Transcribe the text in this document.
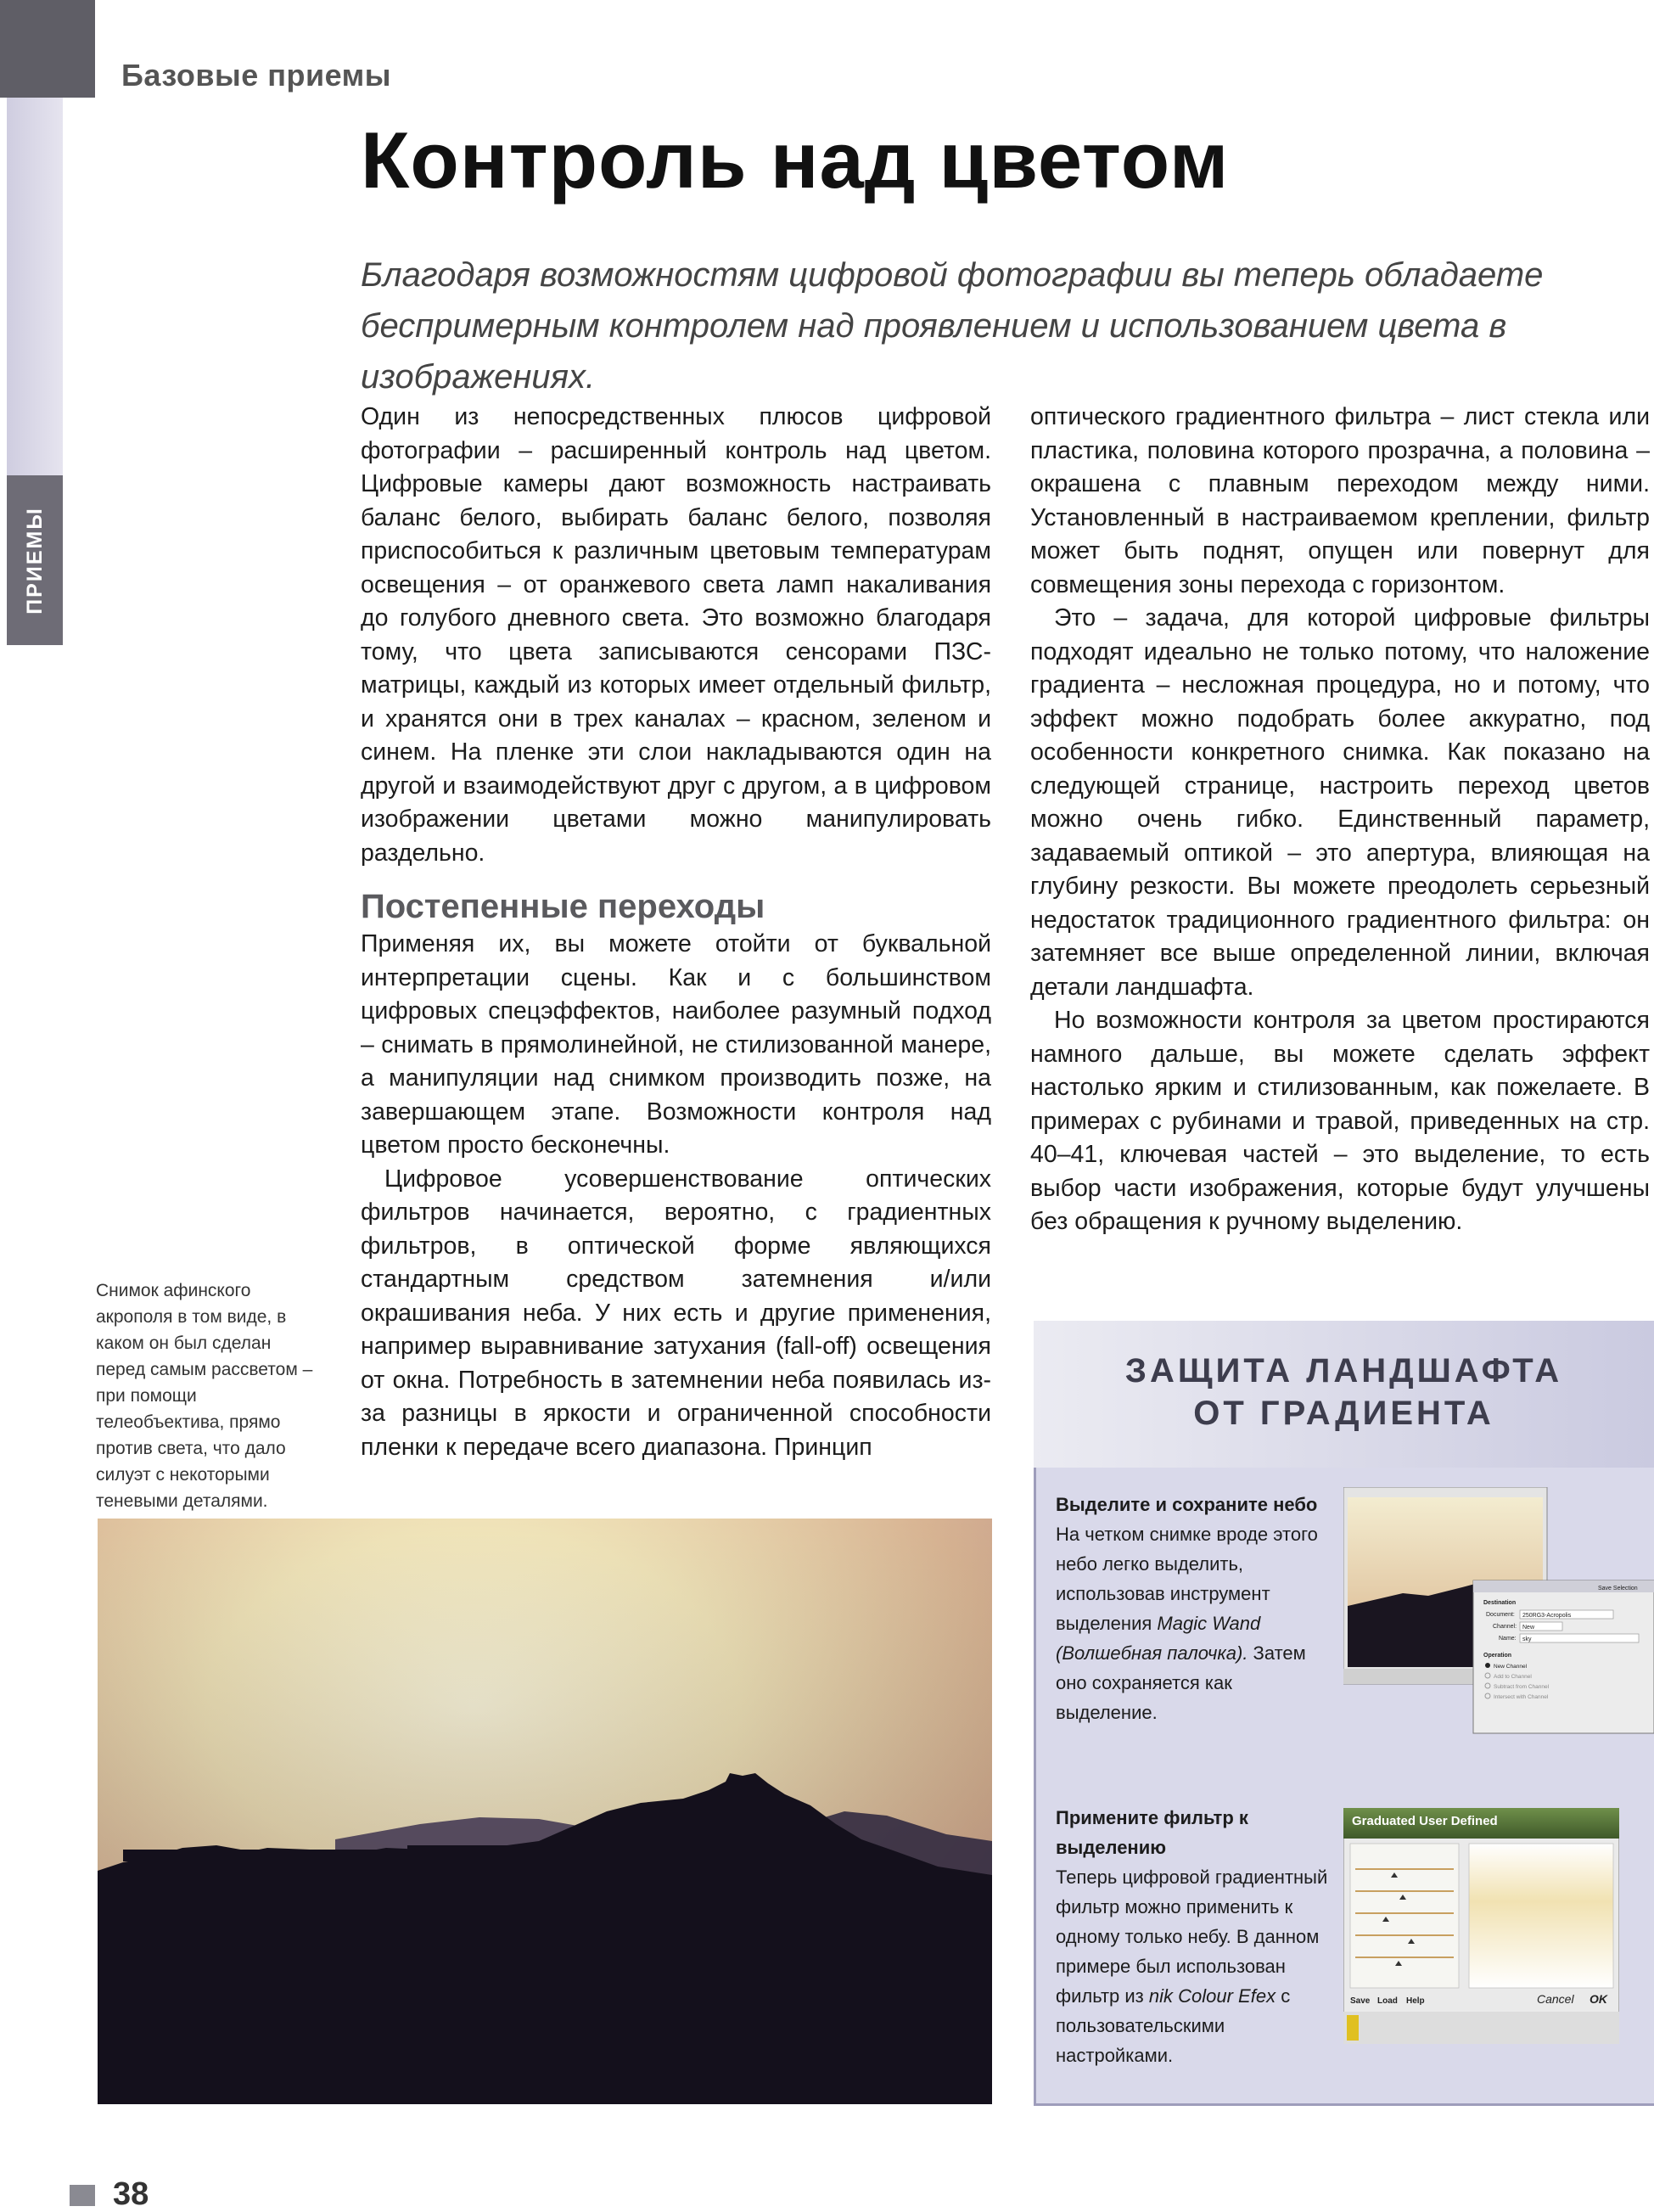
ПРИЕМЫ
Базовые приемы
Контроль над цветом
Благодаря возможностям цифровой фотографии вы теперь обладаете беспримерным контролем над проявлением и использованием цвета в изображениях.

Один из непосредственных плюсов цифровой фотографии – расширенный контроль над цветом. Цифровые камеры дают возможность настраивать баланс белого, выбирать баланс белого, позволяя приспособиться к различным цветовым температурам освещения – от оранжевого света ламп накаливания до голубого дневного света. Это возможно благодаря тому, что цвета записываются сенсорами ПЗС-матрицы, каждый из которых имеет отдельный фильтр, и хранятся они в трех каналах – красном, зеленом и синем. На пленке эти слои накладываются один на другой и взаимодействуют друг с другом, а в цифровом изображении цветами можно манипулировать раздельно.

Постепенные переходы

Применяя их, вы можете отойти от буквальной интерпретации сцены. Как и с большинством цифровых спецэффектов, наиболее разумный подход – снимать в прямолинейной, не стилизованной манере, а манипуляции над снимком производить позже, на завершающем этапе. Возможности контроля над цветом просто бесконечны.

Цифровое усовершенствование оптических фильтров начинается, вероятно, с градиентных фильтров, в оптической форме являющихся стандартным средством затемнения и/или окрашивания неба. У них есть и другие применения, например выравнивание затухания (fall-off) освещения от окна. Потребность в затемнении неба появилась из-за разницы в яркости и ограниченной способности пленки к передаче всего диапазона. Принцип

оптического градиентного фильтра – лист стекла или пластика, половина которого прозрачна, а половина – окрашена с плавным переходом между ними. Установленный в настраиваемом креплении, фильтр может быть поднят, опущен или повернут для совмещения зоны перехода с горизонтом.

Это – задача, для которой цифровые фильтры подходят идеально не только потому, что наложение градиента – несложная процедура, но и потому, что эффект можно подобрать более аккуратно, под особенности конкретного снимка. Как показано на следующей странице, настроить переход цветов можно очень гибко. Единственный параметр, задаваемый оптикой – это апертура, влияющая на глубину резкости. Вы можете преодолеть серьезный недостаток традиционного градиентного фильтра: он затемняет все выше определенной линии, включая детали ландшафта.

Но возможности контроля за цветом простираются намного дальше, вы можете сделать эффект настолько ярким и стилизованным, как пожелаете. В примерах с рубинами и травой, приведенных на стр. 40–41, ключевая частей – это выделение, то есть выбор части изображения, которые будут улучшены без обращения к ручному выделению.

Снимок афинского акрополя в том виде, в каком он был сделан перед самым рассветом – при помощи телеобъектива, прямо против света, что дало силуэт с некоторыми теневыми деталями.
ЗАЩИТА ЛАНДШАФТА
ОТ ГРАДИЕНТА
Выделите и сохраните небо
На четком снимке вроде этого небо легко выделить, использовав инструмент выделения Magic Wand (Волшебная палочка). Затем оно сохраняется как выделение.
Примените фильтр к выделению
Теперь цифровой градиентный фильтр можно применить к одному только небу. В данном примере был использован фильтр из nik Colour Efex с пользовательскими настройками.
Save Selection
Destination
Document: 250RG3-Acropolis
Channel: New
Name: sky
Operation
New Channel
Add to Channel
Subtract from Channel
Intersect with Channel
Graduated User Defined
Save Load Help	Cancel OK
38
